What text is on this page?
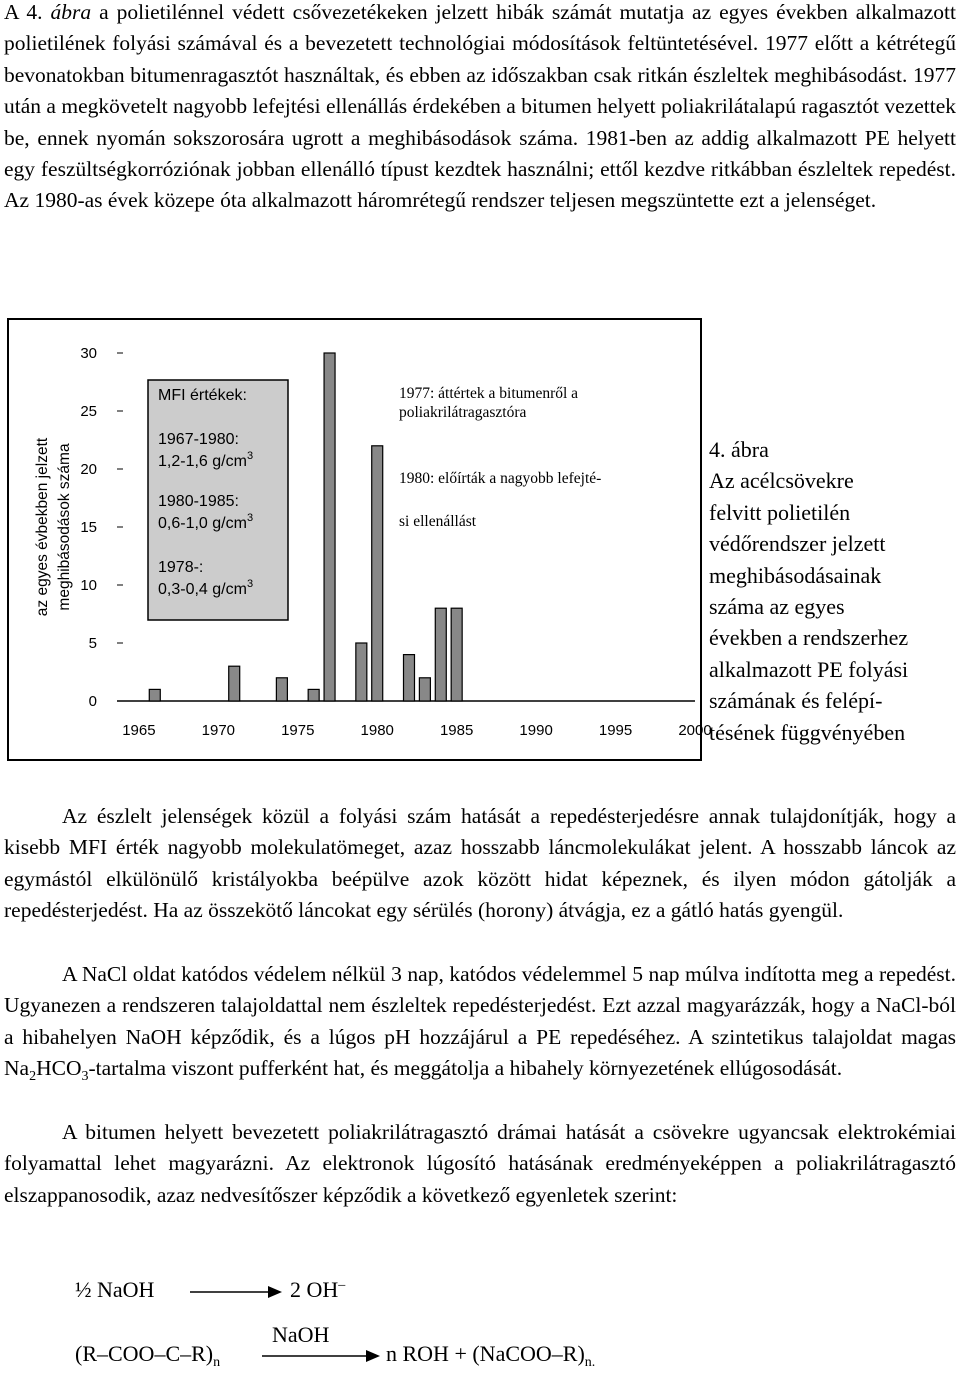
A 4. ábra a polietilénnel védett csővezetékeken jelzett hibák számát mutatja az egyes években alkalmazott polietilének folyási számával és a bevezetett technológiai módosítások feltüntetésével. 1977 előtt a kétrétegű bevonatokban bitumenragasztót használtak, és ebben az időszakban csak ritkán észleltek meghibásodást. 1977 után a megkövetelt nagyobb lefejtési ellenállás érdekében a bitumen helyett poliakrilátalapú ragasztót vezettek be, ennek nyomán sokszorosára ugrott a meghibásodások száma. 1981-ben az addig alkalmazott PE helyett egy feszültségkorróziónak jobban ellenálló típust kezdtek használni; ettől kezdve ritkábban észleltek repedést. Az 1980-as évek közepe óta alkalmazott háromrétegű rendszer teljesen megszüntette ezt a jelenséget.

az egyes évbekben jelzett meghibásodások száma
0
5
10
15
20
25
30
1965	1970	1975	1980	1985	1990	1995	2000
MFI értékek:
1967-1980:
1,2-1,6 $g/cm^3$
1980-1985:
0,6-1,0 $g/cm^3$
1978-:
0,3-0,4 $g/cm^3$
1977: áttértek a bitumenről a
poliakrilátragasztóra
1980: előírták a nagyobb lefejté-
si ellenállást
4. ábra
Az acélcsövekre
felvitt polietilén
védőrendszer jelzett
meghibásodásainak
száma az egyes
években a rendszerhez
alkalmazott PE folyási
számának és felépí-
tésének függvényében

Az észlelt jelenségek közül a folyási szám hatását a repedésterjedésre annak tulajdonítják, hogy a kisebb MFI érték nagyobb molekulatömeget, azaz hosszabb láncmolekulákat jelent. A hosszabb láncok az egymástól elkülönülő kristályokba beépülve azok között hidat képeznek, és ilyen módon gátolják a repedésterjedést. Ha az összekötő láncokat egy sérülés (horony) átvágja, ez a gátló hatás gyengül.

A NaCl oldat katódos védelem nélkül 3 nap, katódos védelemmel 5 nap múlva indította meg a repedést. Ugyanezen a rendszeren talajoldattal nem észleltek repedésterjedést. Ezt azzal magyarázzák, hogy a NaCl-ból a hibahelyen NaOH képződik, és a lúgos pH hozzájárul a PE repedéséhez. A szintetikus talajoldat magas $Na_2HCO_3$-tartalma viszont pufferként hat, és meggátolja a hibahely környezetének ellúgosodását.

A bitumen helyett bevezetett poliakrilátragasztó drámai hatását a csövekre ugyancsak elektrokémiai folyamattal lehet magyarázni. Az elektronok lúgosító hatásának eredményeképpen a poliakrilátragasztó elszappanosodik, azaz nedvesítőszer képződik a következő egyenletek szerint:

½ NaOH	2 OH–
$(R-COO-C-R)_n$
NaOH
n ROH + $(NaCOO-R)_{n.}$
